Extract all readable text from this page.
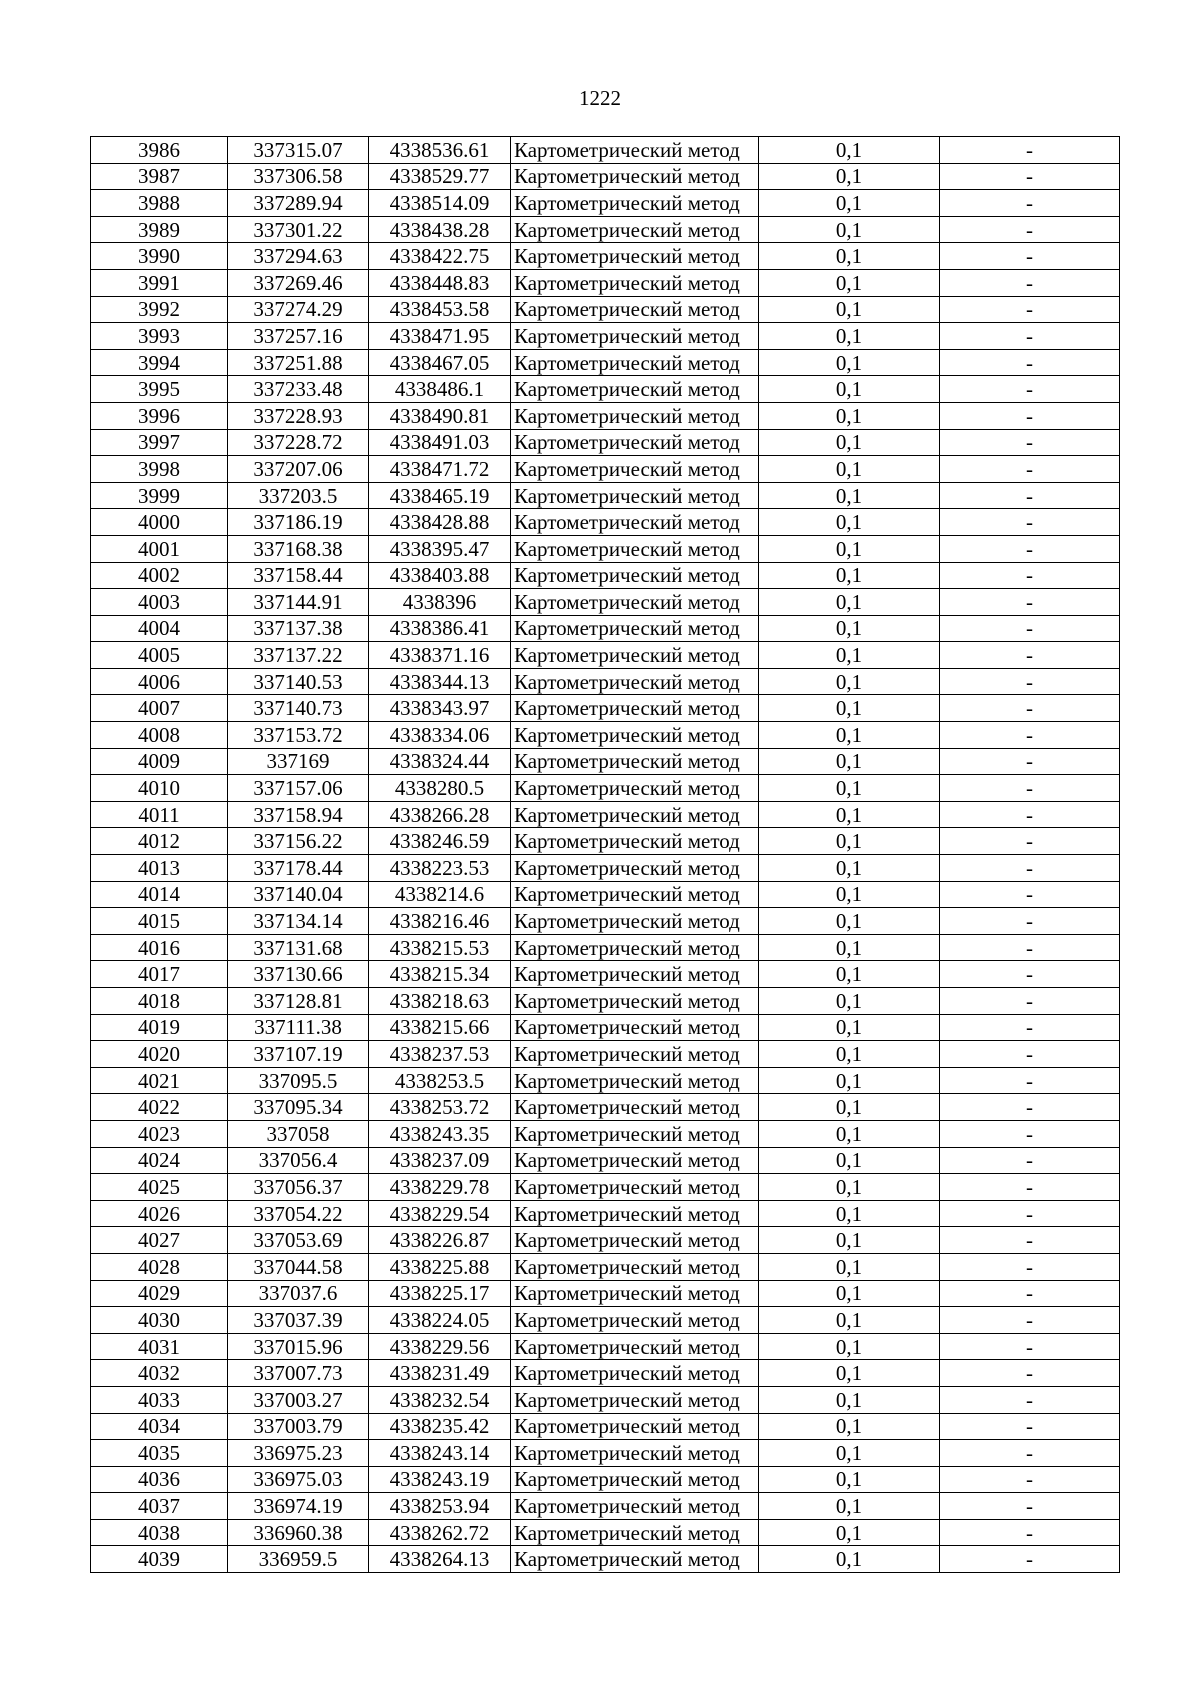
1222
3986	337315.07	4338536.61	Картометрический метод	0,1	-
3987	337306.58	4338529.77	Картометрический метод	0,1	-
3988	337289.94	4338514.09	Картометрический метод	0,1	-
3989	337301.22	4338438.28	Картометрический метод	0,1	-
3990	337294.63	4338422.75	Картометрический метод	0,1	-
3991	337269.46	4338448.83	Картометрический метод	0,1	-
3992	337274.29	4338453.58	Картометрический метод	0,1	-
3993	337257.16	4338471.95	Картометрический метод	0,1	-
3994	337251.88	4338467.05	Картометрический метод	0,1	-
3995	337233.48	4338486.1	Картометрический метод	0,1	-
3996	337228.93	4338490.81	Картометрический метод	0,1	-
3997	337228.72	4338491.03	Картометрический метод	0,1	-
3998	337207.06	4338471.72	Картометрический метод	0,1	-
3999	337203.5	4338465.19	Картометрический метод	0,1	-
4000	337186.19	4338428.88	Картометрический метод	0,1	-
4001	337168.38	4338395.47	Картометрический метод	0,1	-
4002	337158.44	4338403.88	Картометрический метод	0,1	-
4003	337144.91	4338396	Картометрический метод	0,1	-
4004	337137.38	4338386.41	Картометрический метод	0,1	-
4005	337137.22	4338371.16	Картометрический метод	0,1	-
4006	337140.53	4338344.13	Картометрический метод	0,1	-
4007	337140.73	4338343.97	Картометрический метод	0,1	-
4008	337153.72	4338334.06	Картометрический метод	0,1	-
4009	337169	4338324.44	Картометрический метод	0,1	-
4010	337157.06	4338280.5	Картометрический метод	0,1	-
4011	337158.94	4338266.28	Картометрический метод	0,1	-
4012	337156.22	4338246.59	Картометрический метод	0,1	-
4013	337178.44	4338223.53	Картометрический метод	0,1	-
4014	337140.04	4338214.6	Картометрический метод	0,1	-
4015	337134.14	4338216.46	Картометрический метод	0,1	-
4016	337131.68	4338215.53	Картометрический метод	0,1	-
4017	337130.66	4338215.34	Картометрический метод	0,1	-
4018	337128.81	4338218.63	Картометрический метод	0,1	-
4019	337111.38	4338215.66	Картометрический метод	0,1	-
4020	337107.19	4338237.53	Картометрический метод	0,1	-
4021	337095.5	4338253.5	Картометрический метод	0,1	-
4022	337095.34	4338253.72	Картометрический метод	0,1	-
4023	337058	4338243.35	Картометрический метод	0,1	-
4024	337056.4	4338237.09	Картометрический метод	0,1	-
4025	337056.37	4338229.78	Картометрический метод	0,1	-
4026	337054.22	4338229.54	Картометрический метод	0,1	-
4027	337053.69	4338226.87	Картометрический метод	0,1	-
4028	337044.58	4338225.88	Картометрический метод	0,1	-
4029	337037.6	4338225.17	Картометрический метод	0,1	-
4030	337037.39	4338224.05	Картометрический метод	0,1	-
4031	337015.96	4338229.56	Картометрический метод	0,1	-
4032	337007.73	4338231.49	Картометрический метод	0,1	-
4033	337003.27	4338232.54	Картометрический метод	0,1	-
4034	337003.79	4338235.42	Картометрический метод	0,1	-
4035	336975.23	4338243.14	Картометрический метод	0,1	-
4036	336975.03	4338243.19	Картометрический метод	0,1	-
4037	336974.19	4338253.94	Картометрический метод	0,1	-
4038	336960.38	4338262.72	Картометрический метод	0,1	-
4039	336959.5	4338264.13	Картометрический метод	0,1	-
